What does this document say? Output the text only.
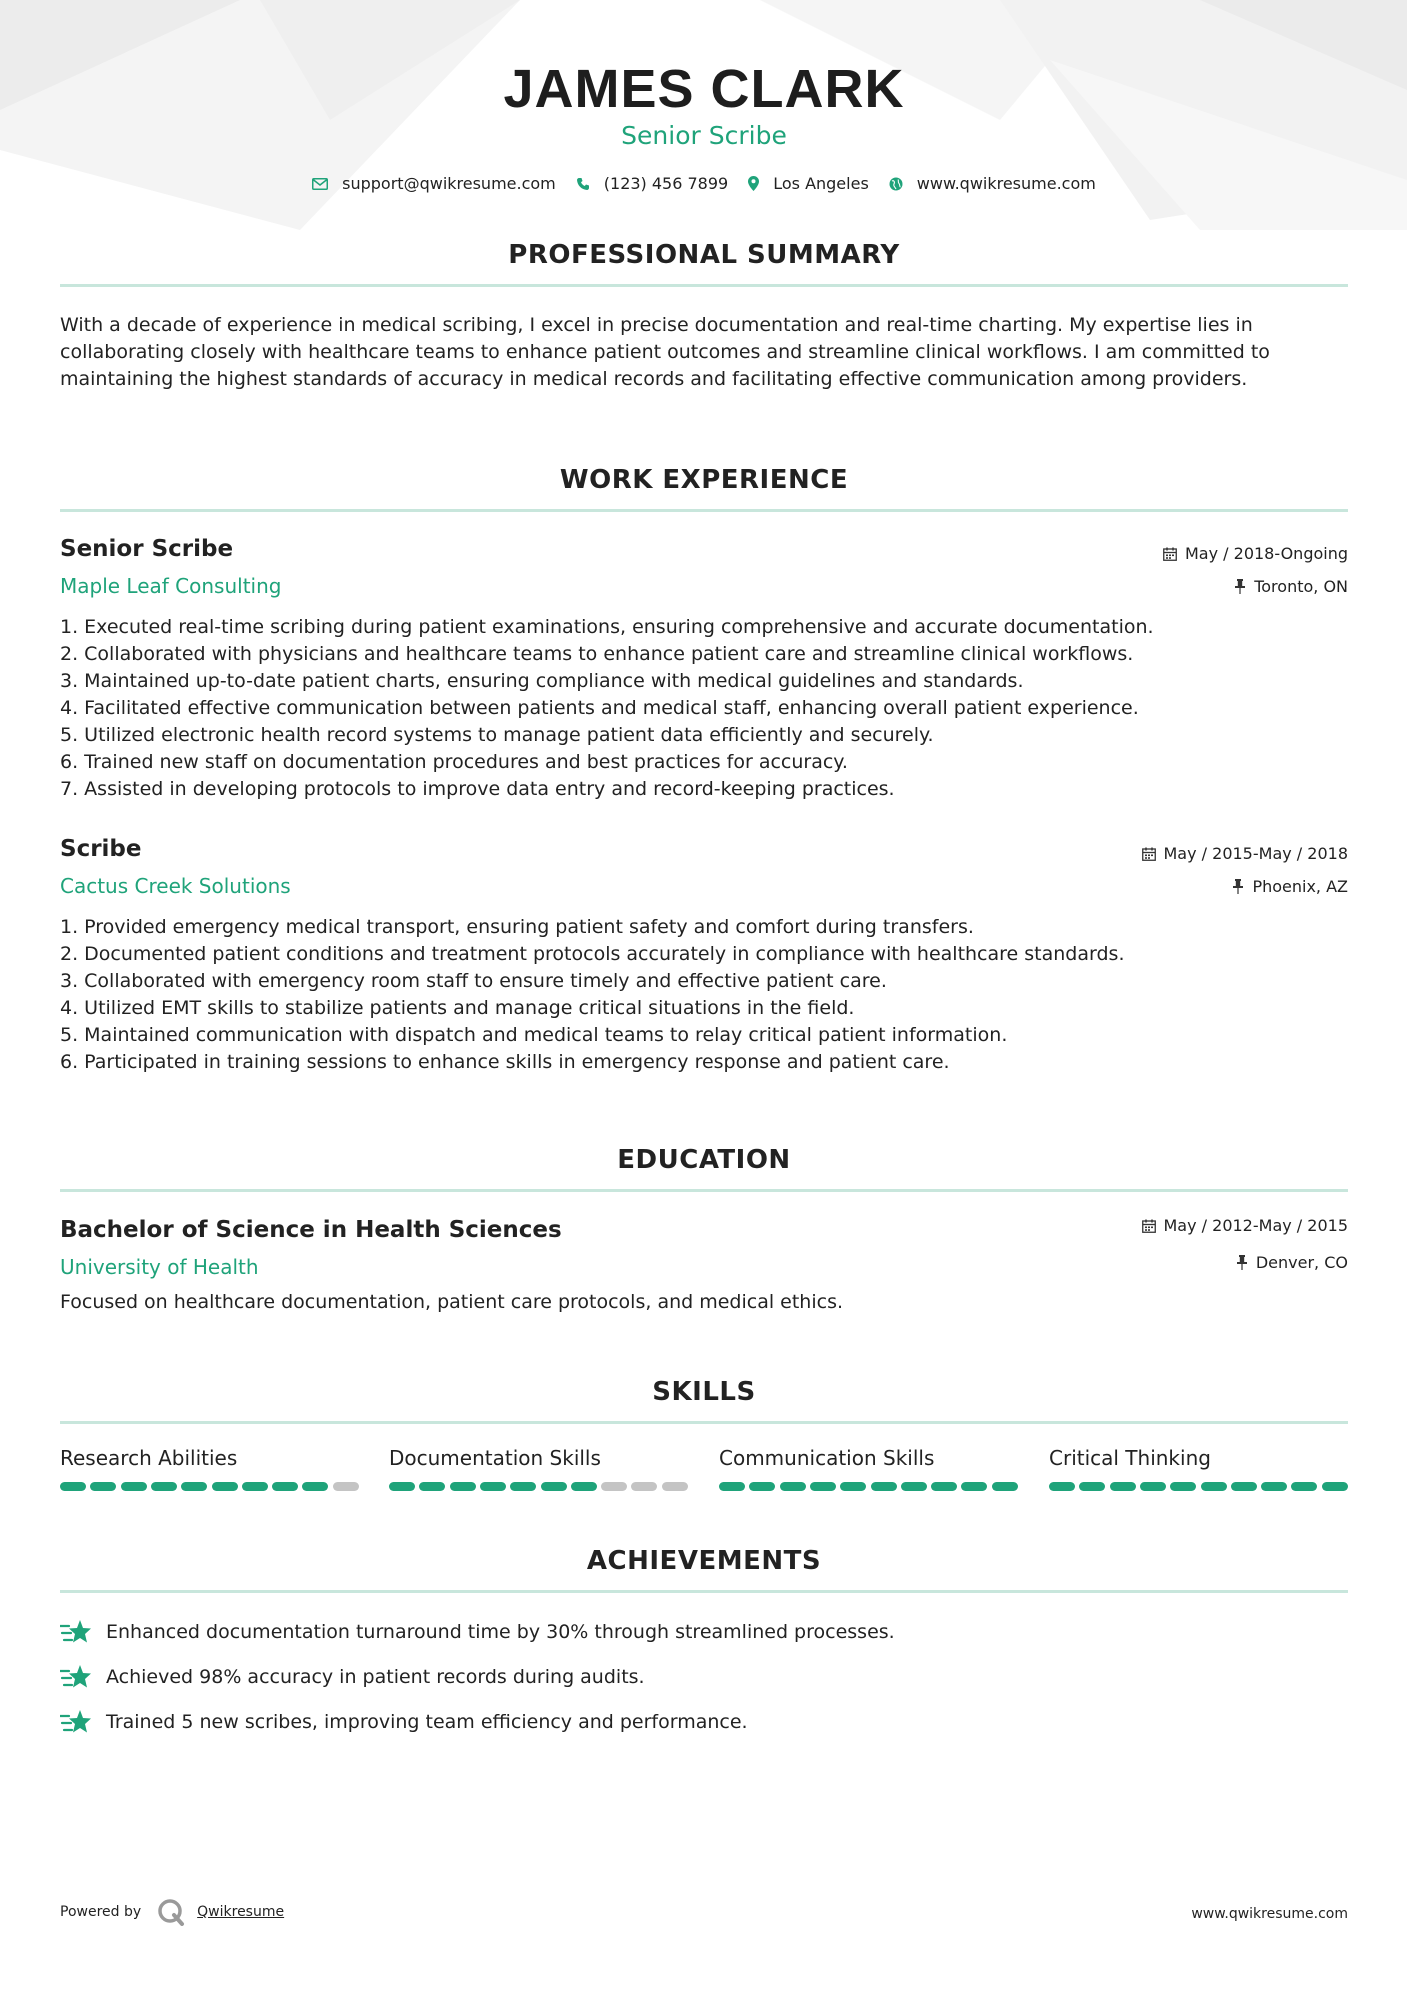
JAMES CLARK
Senior Scribe
support@qwikresume.com	(123) 456 7899	Los Angeles	www.qwikresume.com
PROFESSIONAL SUMMARY
With a decade of experience in medical scribing, I excel in precise documentation and real-time charting. My expertise lies in collaborating closely with healthcare teams to enhance patient outcomes and streamline clinical workflows. I am committed to maintaining the highest standards of accuracy in medical records and facilitating effective communication among providers.
WORK EXPERIENCE
Senior Scribe
Maple Leaf Consulting
May / 2018-Ongoing
Toronto, ON
1. Executed real-time scribing during patient examinations, ensuring comprehensive and accurate documentation.
2. Collaborated with physicians and healthcare teams to enhance patient care and streamline clinical workflows.
3. Maintained up-to-date patient charts, ensuring compliance with medical guidelines and standards.
4. Facilitated effective communication between patients and medical staff, enhancing overall patient experience.
5. Utilized electronic health record systems to manage patient data efficiently and securely.
6. Trained new staff on documentation procedures and best practices for accuracy.
7. Assisted in developing protocols to improve data entry and record-keeping practices.
Scribe
Cactus Creek Solutions
May / 2015-May / 2018
Phoenix, AZ
1. Provided emergency medical transport, ensuring patient safety and comfort during transfers.
2. Documented patient conditions and treatment protocols accurately in compliance with healthcare standards.
3. Collaborated with emergency room staff to ensure timely and effective patient care.
4. Utilized EMT skills to stabilize patients and manage critical situations in the field.
5. Maintained communication with dispatch and medical teams to relay critical patient information.
6. Participated in training sessions to enhance skills in emergency response and patient care.
EDUCATION
Bachelor of Science in Health Sciences
University of Health
May / 2012-May / 2015
Denver, CO
Focused on healthcare documentation, patient care protocols, and medical ethics.
SKILLS
Research Abilities	Documentation Skills	Communication Skills	Critical Thinking
ACHIEVEMENTS
Enhanced documentation turnaround time by 30% through streamlined processes.
Achieved 98% accuracy in patient records during audits.
Trained 5 new scribes, improving team efficiency and performance.
Powered by	Qwikresume	www.qwikresume.com
